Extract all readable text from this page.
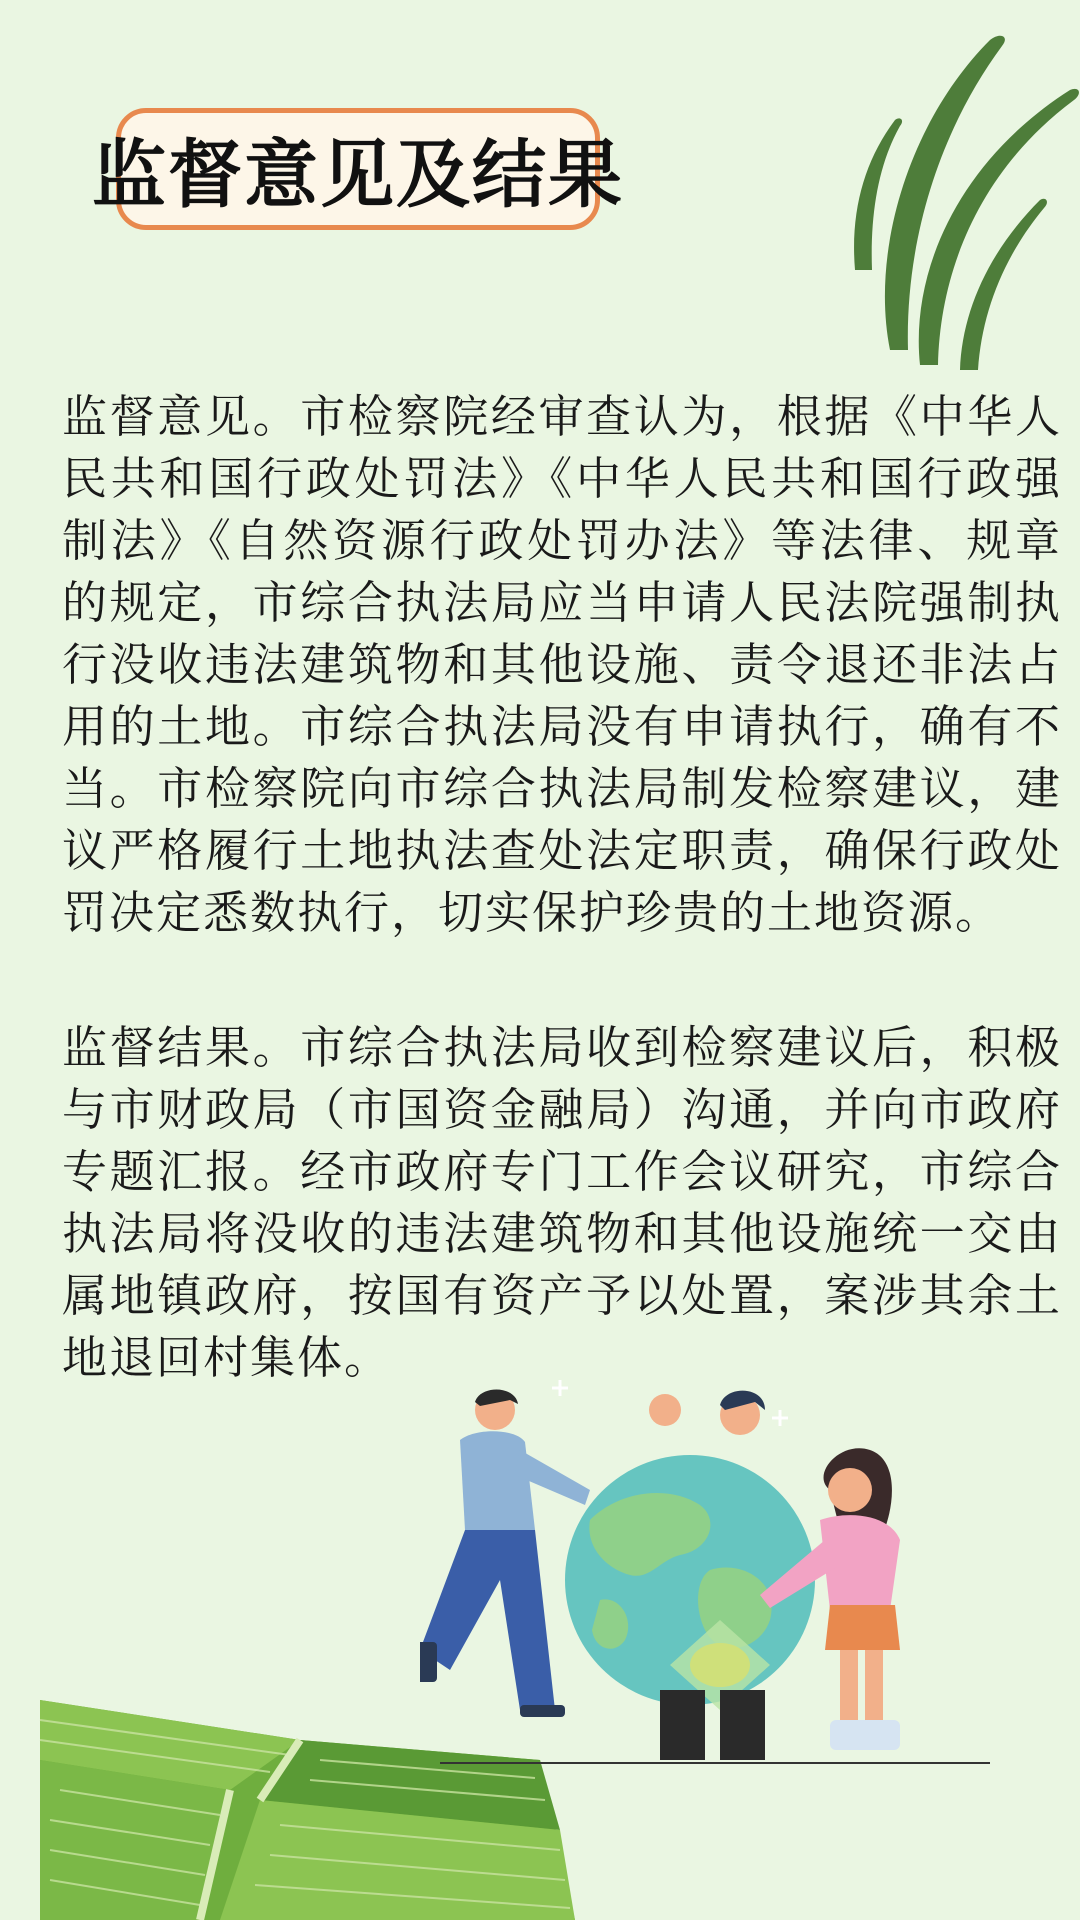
监督意见及结果

监督意见。市检察院经审查认为，根据《中华人民共和国行政处罚法》《中华人民共和国行政强制法》《自然资源行政处罚办法》等法律、规章的规定，市综合执法局应当申请人民法院强制执行没收违法建筑物和其他设施、责令退还非法占用的土地。市综合执法局没有申请执行，确有不当。市检察院向市综合执法局制发检察建议，建议严格履行土地执法查处法定职责，确保行政处罚决定悉数执行，切实保护珍贵的土地资源。

监督结果。市综合执法局收到检察建议后，积极与市财政局（市国资金融局）沟通，并向市政府专题汇报。经市政府专门工作会议研究，市综合执法局将没收的违法建筑物和其他设施统一交由属地镇政府，按国有资产予以处置，案涉其余土地退回村集体。
